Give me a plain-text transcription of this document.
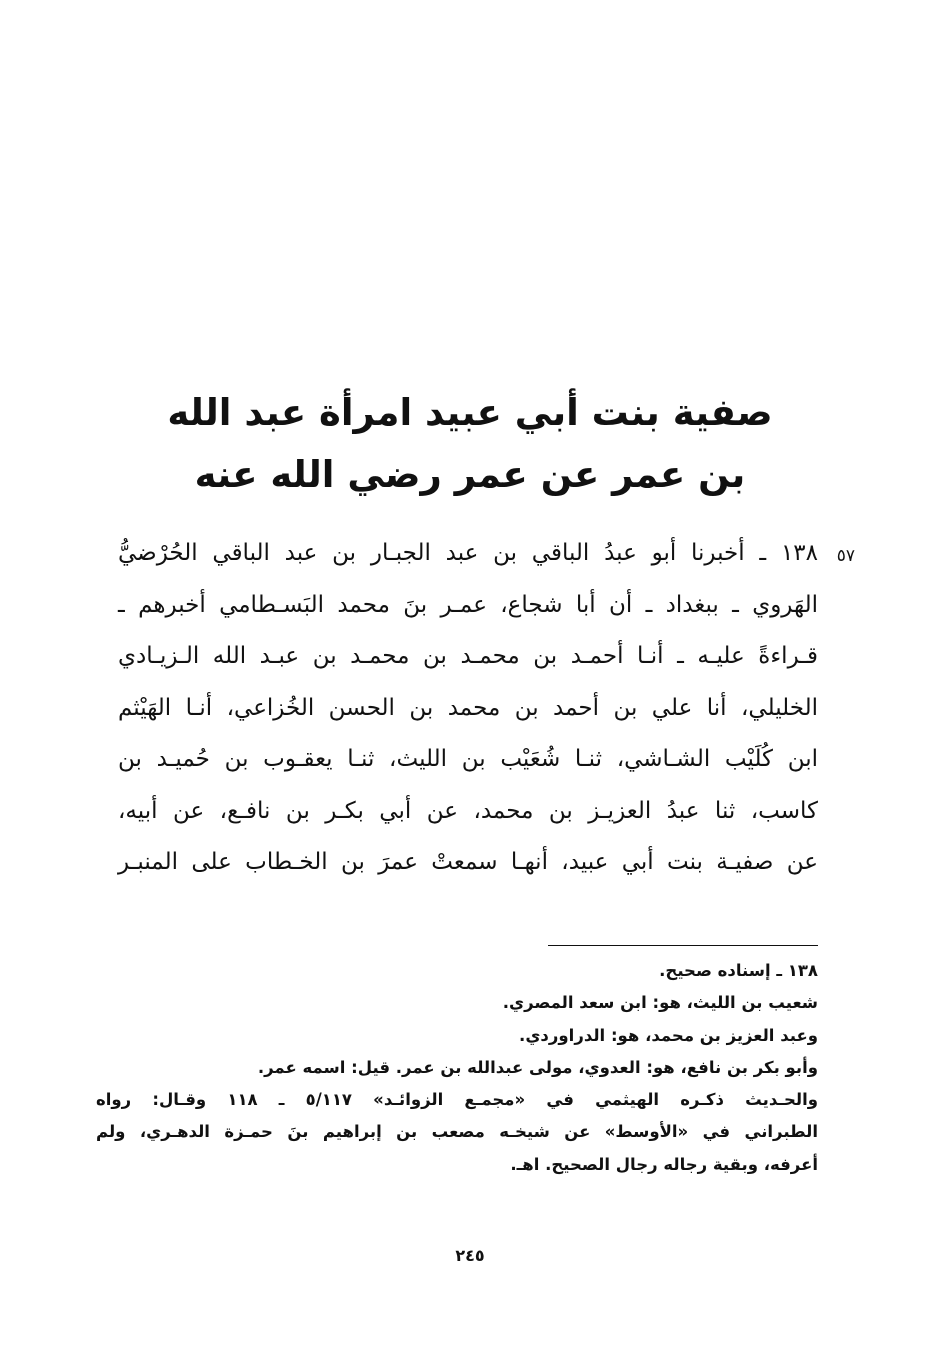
صفية بنت أبي عبيد امرأة عبد الله
بن عمر عن عمر رضي الله عنه
٥٧
١٣٨ ـ أخبرنا أبو عبدُ الباقي بن عبد الجبـار بن عبد الباقي الحُرْضيُّ
الهَروي ـ ببغداد ـ أن أبا شجاع، عمـر بنَ محمد البَسـطامي أخبرهم ـ
قـراءةً عليـه ـ أنـا أحمـد بن محمـد بن محمـد بن عبـد الله الـزيـادي
الخليلي، أنا علي بن أحمد بن محمد بن الحسن الخُزاعي، أنـا الهَيْثم
ابن كُلَيْب الشـاشي، ثنـا شُعَيْب بن الليث، ثنـا يعقـوب بن حُميـد بن
كاسب، ثنا عبدُ العزيـز بن محمد، عن أبي بكـر بن نافـع، عن أبيه،
عن صفيـة بنت أبي عبيد، أنهـا سمعتْ عمرَ بن الخـطاب على المنبـر
١٣٨ ـ إسناده صحيح.
شعيب بن الليث، هو: ابن سعد المصري.
وعبد العزيز بن محمد، هو: الدراوردي.
وأبو بكر بن نافع، هو: العدوي، مولى عبدالله بن عمر. قيل: اسمه عمر.
والحـديث ذكـره الهيثمي في «مجمـع الزوائـد» ٥/١١٧ ـ ١١٨ وقـال: رواه
الطبراني في «الأوسط» عن شيخـه مصعب بن إبراهيم بنَ حمـزة الدهـري، ولم
أعرفه، وبقية رجاله رجال الصحيح. اهـ.
٢٤٥
